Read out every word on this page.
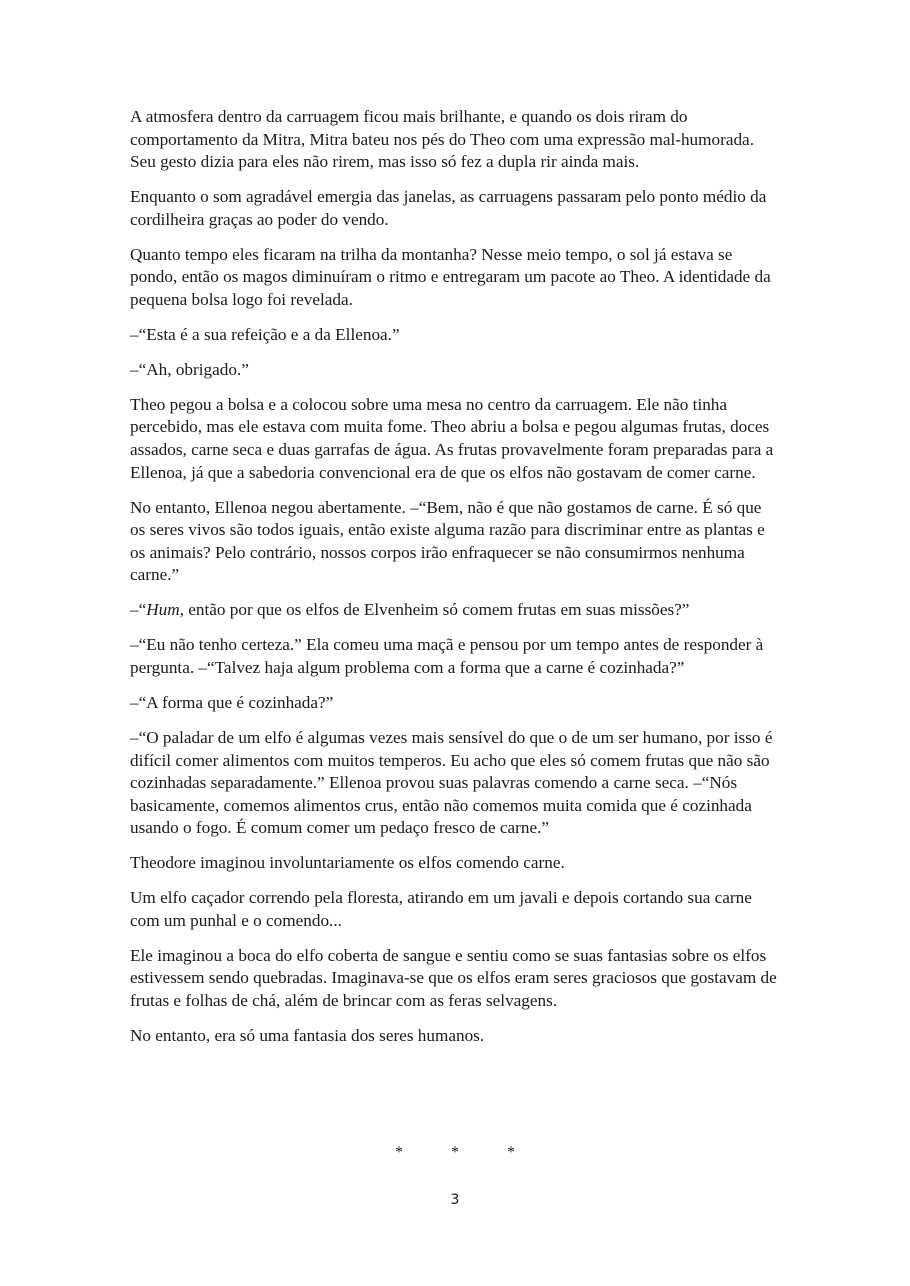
A atmosfera dentro da carruagem ficou mais brilhante, e quando os dois riram do comportamento da Mitra, Mitra bateu nos pés do Theo com uma expressão mal-humorada. Seu gesto dizia para eles não rirem, mas isso só fez a dupla rir ainda mais.

Enquanto o som agradável emergia das janelas, as carruagens passaram pelo ponto médio da cordilheira graças ao poder do vendo.

Quanto tempo eles ficaram na trilha da montanha? Nesse meio tempo, o sol já estava se pondo, então os magos diminuíram o ritmo e entregaram um pacote ao Theo. A identidade da pequena bolsa logo foi revelada.

–“Esta é a sua refeição e a da Ellenoa.”

–“Ah, obrigado.”

Theo pegou a bolsa e a colocou sobre uma mesa no centro da carruagem. Ele não tinha percebido, mas ele estava com muita fome. Theo abriu a bolsa e pegou algumas frutas, doces assados, carne seca e duas garrafas de água. As frutas provavelmente foram preparadas para a Ellenoa, já que a sabedoria convencional era de que os elfos não gostavam de comer carne.

No entanto, Ellenoa negou abertamente. –“Bem, não é que não gostamos de carne. É só que os seres vivos são todos iguais, então existe alguma razão para discriminar entre as plantas e os animais? Pelo contrário, nossos corpos irão enfraquecer se não consumirmos nenhuma carne.”

–“Hum, então por que os elfos de Elvenheim só comem frutas em suas missões?”

–“Eu não tenho certeza.” Ela comeu uma maçã e pensou por um tempo antes de responder à pergunta. –“Talvez haja algum problema com a forma que a carne é cozinhada?”

–“A forma que é cozinhada?”

–“O paladar de um elfo é algumas vezes mais sensível do que o de um ser humano, por isso é difícil comer alimentos com muitos temperos. Eu acho que eles só comem frutas que não são cozinhadas separadamente.” Ellenoa provou suas palavras comendo a carne seca. –“Nós basicamente, comemos alimentos crus, então não comemos muita comida que é cozinhada usando o fogo. É comum comer um pedaço fresco de carne.”

Theodore imaginou involuntariamente os elfos comendo carne.

Um elfo caçador correndo pela floresta, atirando em um javali e depois cortando sua carne com um punhal e o comendo...

Ele imaginou a boca do elfo coberta de sangue e sentiu como se suas fantasias sobre os elfos estivessem sendo quebradas. Imaginava-se que os elfos eram seres graciosos que gostavam de frutas e folhas de chá, além de brincar com as feras selvagens.

No entanto, era só uma fantasia dos seres humanos.

* * *
3
